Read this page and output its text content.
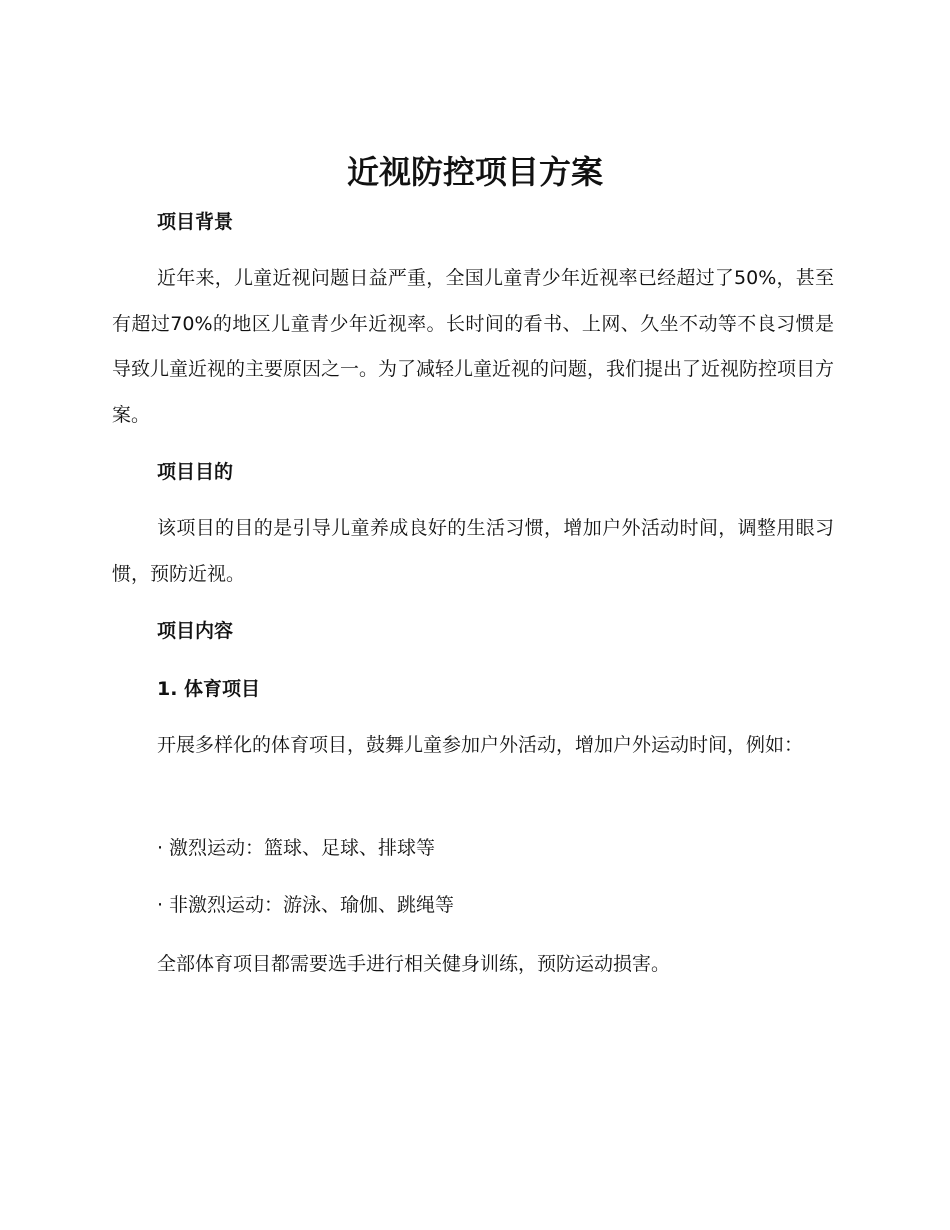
近视防控项目方案
项目背景

近年来，儿童近视问题日益严重，全国儿童青少年近视率已经超过了50%，甚至有超过70%的地区儿童青少年近视率。长时间的看书、上网、久坐不动等不良习惯是导致儿童近视的主要原因之一。为了减轻儿童近视的问题，我们提出了近视防控项目方案。

项目目的

该项目的目的是引导儿童养成良好的生活习惯，增加户外活动时间，调整用眼习惯，预防近视。

项目内容
1. 体育项目

开展多样化的体育项目，鼓舞儿童参加户外活动，增加户外运动时间，例如：

· 激烈运动：篮球、足球、排球等
· 非激烈运动：游泳、瑜伽、跳绳等

全部体育项目都需要选手进行相关健身训练，预防运动损害。
